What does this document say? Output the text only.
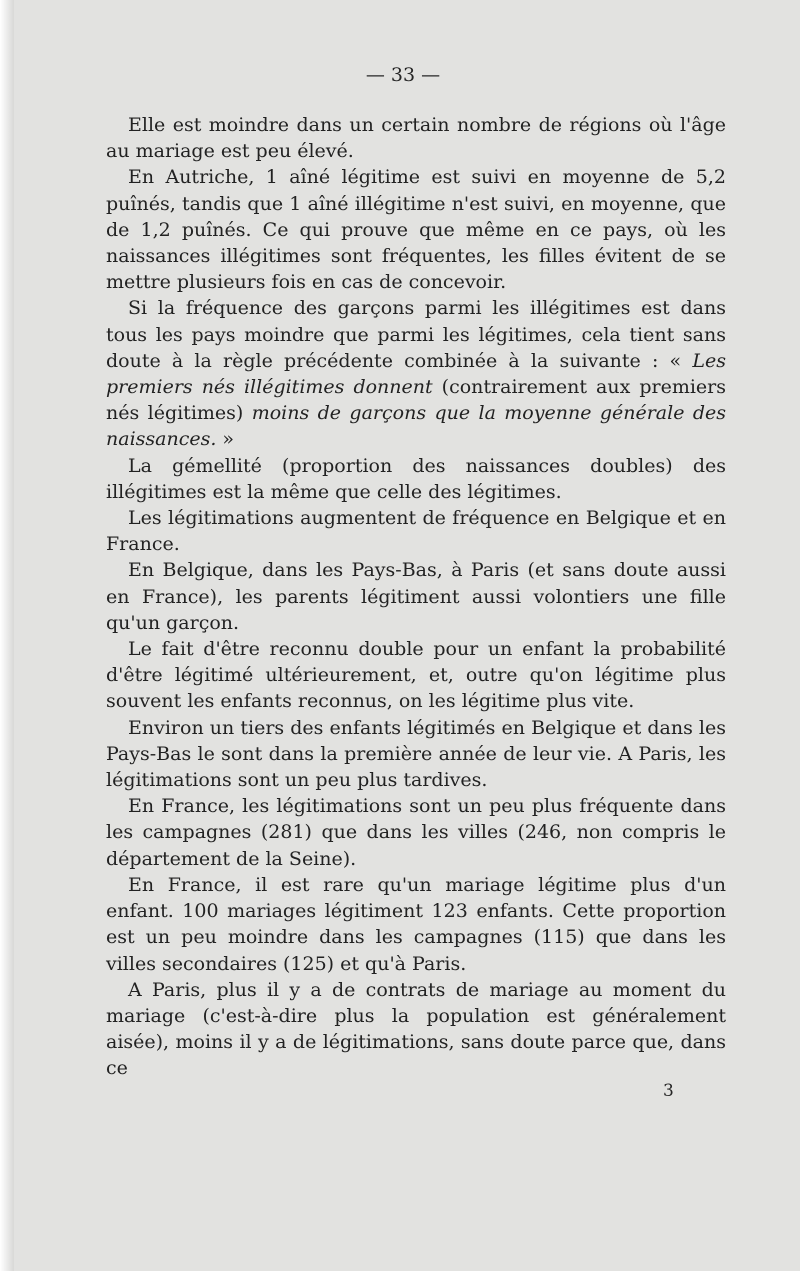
— 33 —

Elle est moindre dans un certain nombre de régions où l'âge au mariage est peu élevé.

En Autriche, 1 aîné légitime est suivi en moyenne de 5,2 puînés, tandis que 1 aîné illégitime n'est suivi, en moyenne, que de 1,2 puînés. Ce qui prouve que même en ce pays, où les naissances illégitimes sont fréquentes, les filles évitent de se mettre plusieurs fois en cas de concevoir.

Si la fréquence des garçons parmi les illégitimes est dans tous les pays moindre que parmi les légitimes, cela tient sans doute à la règle précédente combinée à la suivante : « Les premiers nés illégitimes donnent (contrairement aux premiers nés légitimes) moins de garçons que la moyenne générale des naissances. »

La gémellité (proportion des naissances doubles) des illégitimes est la même que celle des légitimes.

Les légitimations augmentent de fréquence en Belgique et en France.

En Belgique, dans les Pays-Bas, à Paris (et sans doute aussi en France), les parents légitiment aussi volontiers une fille qu'un garçon.

Le fait d'être reconnu double pour un enfant la probabilité d'être légitimé ultérieurement, et, outre qu'on légitime plus souvent les enfants reconnus, on les légitime plus vite.

Environ un tiers des enfants légitimés en Belgique et dans les Pays-Bas le sont dans la première année de leur vie. A Paris, les légitimations sont un peu plus tardives.

En France, les légitimations sont un peu plus fréquente dans les campagnes (281) que dans les villes (246, non compris le département de la Seine).

En France, il est rare qu'un mariage légitime plus d'un enfant. 100 mariages légitiment 123 enfants. Cette proportion est un peu moindre dans les campagnes (115) que dans les villes secondaires (125) et qu'à Paris.

A Paris, plus il y a de contrats de mariage au moment du mariage (c'est-à-dire plus la population est généralement aisée), moins il y a de légitimations, sans doute parce que, dans ce

3
